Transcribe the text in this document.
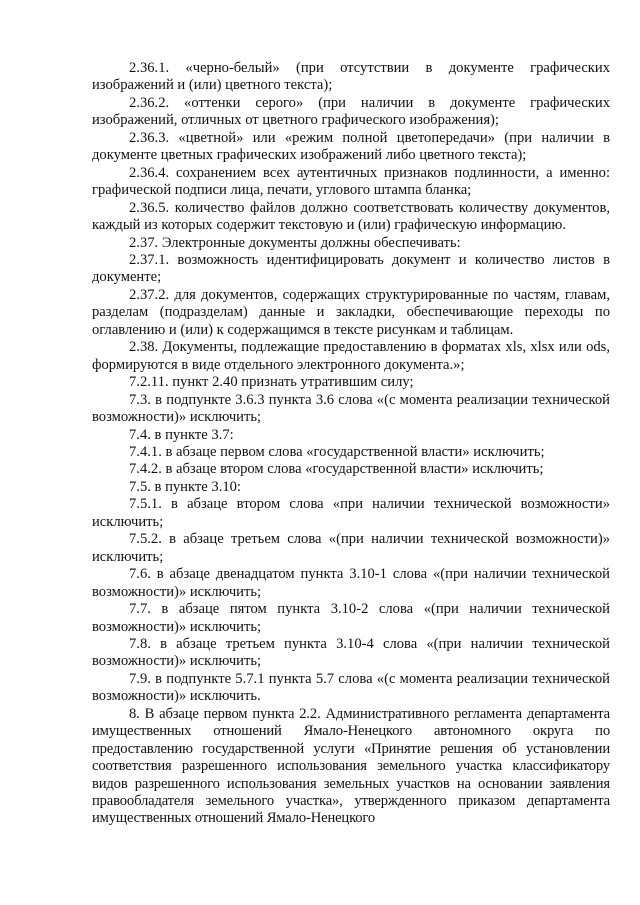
2.36.1. «черно-белый» (при отсутствии в документе графических изображений и (или) цветного текста);

2.36.2. «оттенки серого» (при наличии в документе графических изображений, отличных от цветного графического изображения);

2.36.3. «цветной» или «режим полной цветопередачи» (при наличии в документе цветных графических изображений либо цветного текста);

2.36.4. сохранением всех аутентичных признаков подлинности, а именно: графической подписи лица, печати, углового штампа бланка;

2.36.5. количество файлов должно соответствовать количеству документов, каждый из которых содержит текстовую и (или) графическую информацию.

2.37. Электронные документы должны обеспечивать:

2.37.1. возможность идентифицировать документ и количество листов в документе;

2.37.2. для документов, содержащих структурированные по частям, главам, разделам (подразделам) данные и закладки, обеспечивающие переходы по оглавлению и (или) к содержащимся в тексте рисункам и таблицам.

2.38. Документы, подлежащие предоставлению в форматах xls, xlsx или ods, формируются в виде отдельного электронного документа.»;

7.2.11. пункт 2.40 признать утратившим силу;

7.3. в подпункте 3.6.3 пункта 3.6 слова «(с момента реализации технической возможности)» исключить;

7.4. в пункте 3.7:

7.4.1. в абзаце первом слова «государственной власти» исключить;

7.4.2. в абзаце втором слова «государственной власти» исключить;

7.5. в пункте 3.10:

7.5.1. в абзаце втором слова «при наличии технической возможности» исключить;

7.5.2. в абзаце третьем слова «(при наличии технической возможности)» исключить;

7.6. в абзаце двенадцатом пункта 3.10-1 слова «(при наличии технической возможности)» исключить;

7.7. в абзаце пятом пункта 3.10-2 слова «(при наличии технической возможности)» исключить;

7.8. в абзаце третьем пункта 3.10-4 слова «(при наличии технической возможности)» исключить;

7.9. в подпункте 5.7.1 пункта 5.7 слова «(с момента реализации технической возможности)» исключить.

8. В абзаце первом пункта 2.2. Административного регламента департамента имущественных отношений Ямало-Ненецкого автономного округа по предоставлению государственной услуги «Принятие решения об установлении соответствия разрешенного использования земельного участка классификатору видов разрешенного использования земельных участков на основании заявления правообладателя земельного участка», утвержденного приказом департамента имущественных отношений Ямало-Ненецкого
